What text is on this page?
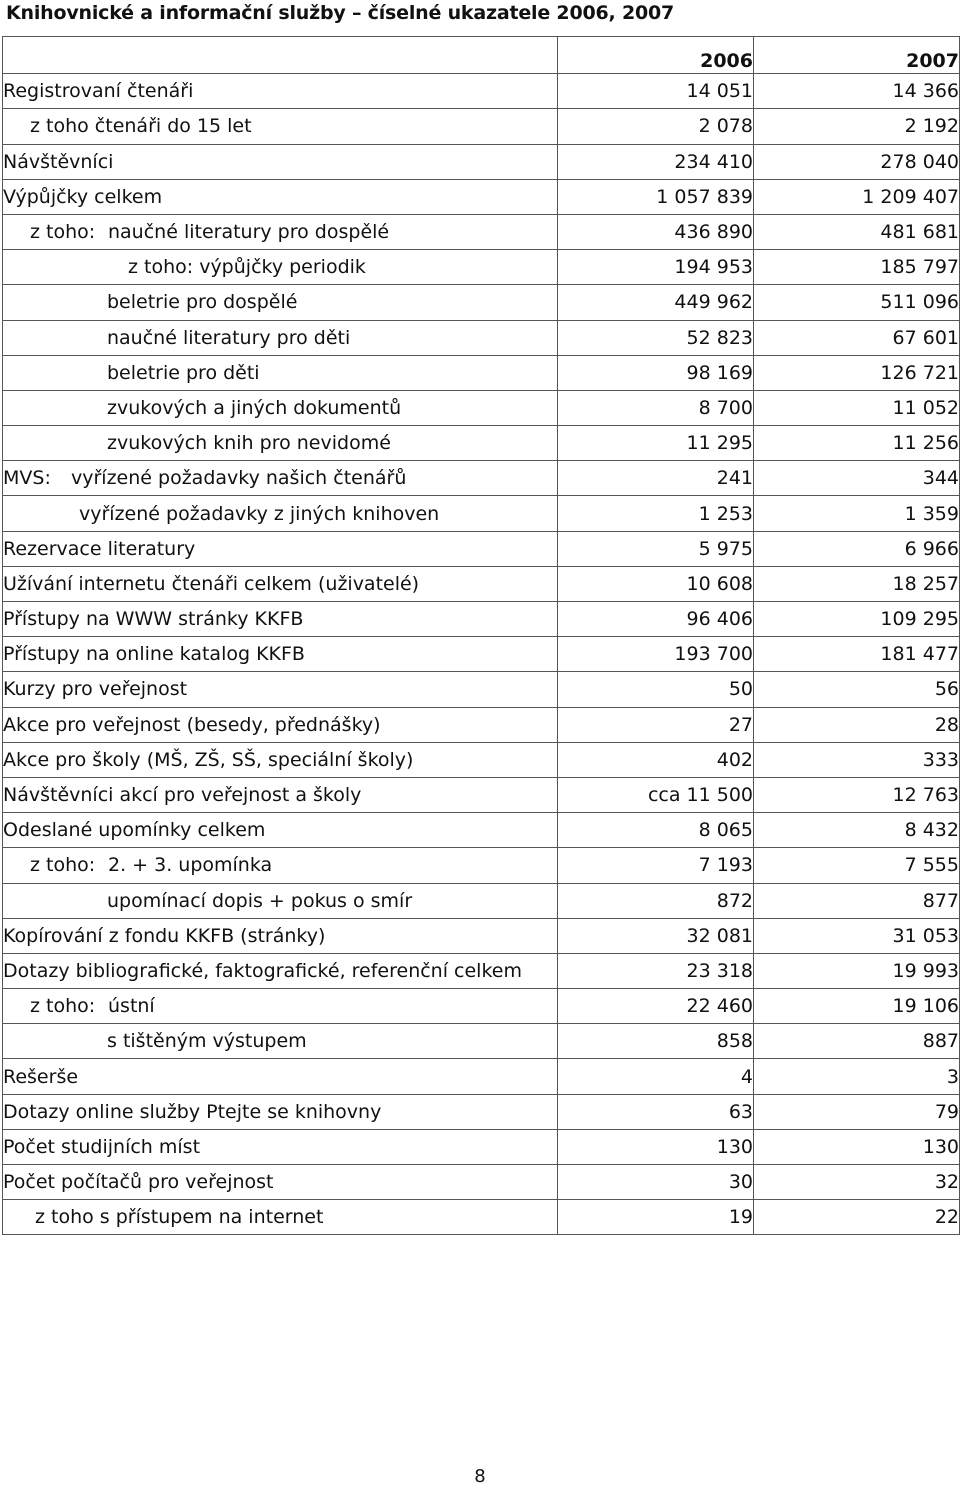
Knihovnické a informační služby – číselné ukazatele 2006, 2007
	2006	2007
Registrovaní čtenáři	14 051	14 366
z toho čtenáři do 15 let	2 078	2 192
Návštěvníci	234 410	278 040
Výpůjčky celkem	1 057 839	1 209 407
z toho: naučné literatury pro dospělé	436 890	481 681
z toho: výpůjčky periodik	194 953	185 797
beletrie pro dospělé	449 962	511 096
naučné literatury pro děti	52 823	67 601
beletrie pro děti	98 169	126 721
zvukových a jiných dokumentů	8 700	11 052
zvukových knih pro nevidomé	11 295	11 256
MVS: vyřízené požadavky našich čtenářů	241	344
vyřízené požadavky z jiných knihoven	1 253	1 359
Rezervace literatury	5 975	6 966
Užívání internetu čtenáři celkem (uživatelé)	10 608	18 257
Přístupy na WWW stránky KKFB	96 406	109 295
Přístupy na online katalog KKFB	193 700	181 477
Kurzy pro veřejnost	50	56
Akce pro veřejnost (besedy, přednášky)	27	28
Akce pro školy (MŠ, ZŠ, SŠ, speciální školy)	402	333
Návštěvníci akcí pro veřejnost a školy	cca 11 500	12 763
Odeslané upomínky celkem	8 065	8 432
z toho: 2. + 3. upomínka	7 193	7 555
upomínací dopis + pokus o smír	872	877
Kopírování z fondu KKFB (stránky)	32 081	31 053
Dotazy bibliografické, faktografické, referenční celkem	23 318	19 993
z toho: ústní	22 460	19 106
s tištěným výstupem	858	887
Rešerše	4	3
Dotazy online služby Ptejte se knihovny	63	79
Počet studijních míst	130	130
Počet počítačů pro veřejnost	30	32
z toho s přístupem na internet	19	22
8
